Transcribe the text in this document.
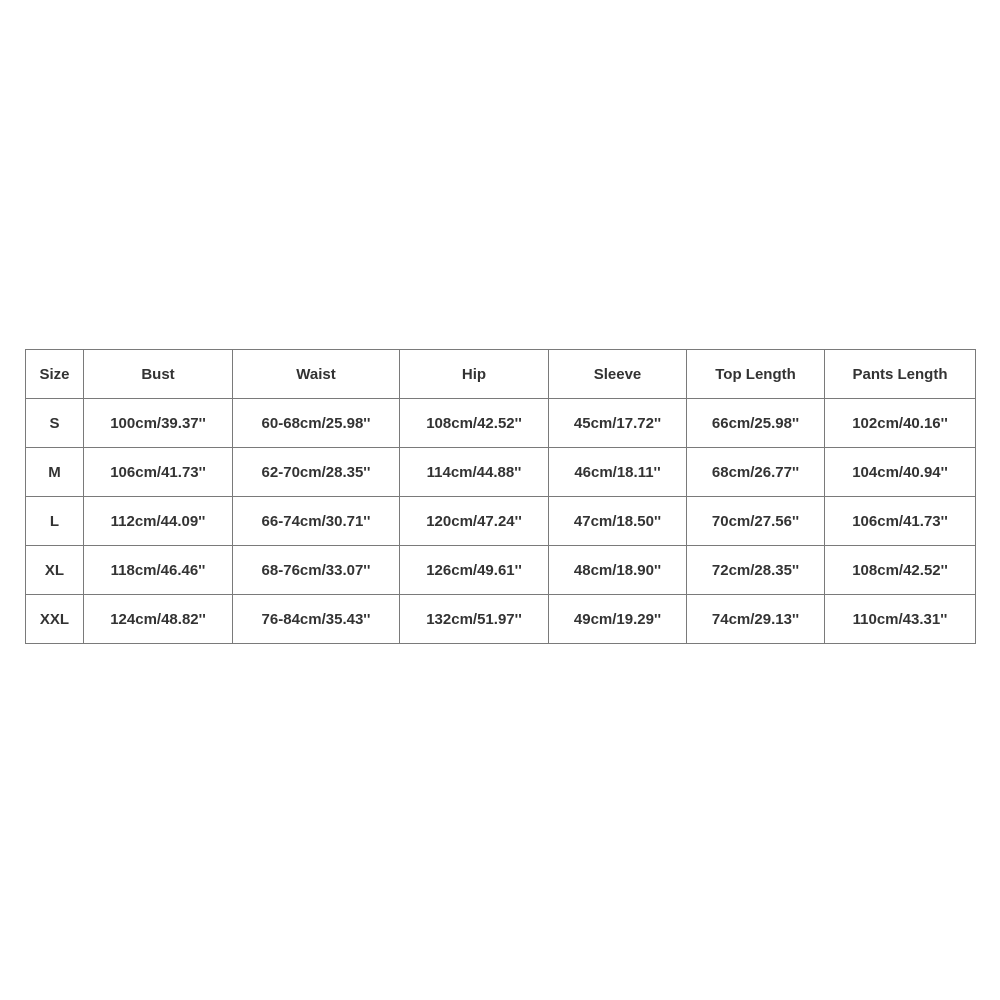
Size	Bust	Waist	Hip	Sleeve	Top Length	Pants Length
S	100cm/39.37''	60-68cm/25.98''	108cm/42.52''	45cm/17.72''	66cm/25.98''	102cm/40.16''
M	106cm/41.73''	62-70cm/28.35''	114cm/44.88''	46cm/18.11''	68cm/26.77''	104cm/40.94''
L	112cm/44.09''	66-74cm/30.71''	120cm/47.24''	47cm/18.50''	70cm/27.56''	106cm/41.73''
XL	118cm/46.46''	68-76cm/33.07''	126cm/49.61''	48cm/18.90''	72cm/28.35''	108cm/42.52''
XXL	124cm/48.82''	76-84cm/35.43''	132cm/51.97''	49cm/19.29''	74cm/29.13''	110cm/43.31''
